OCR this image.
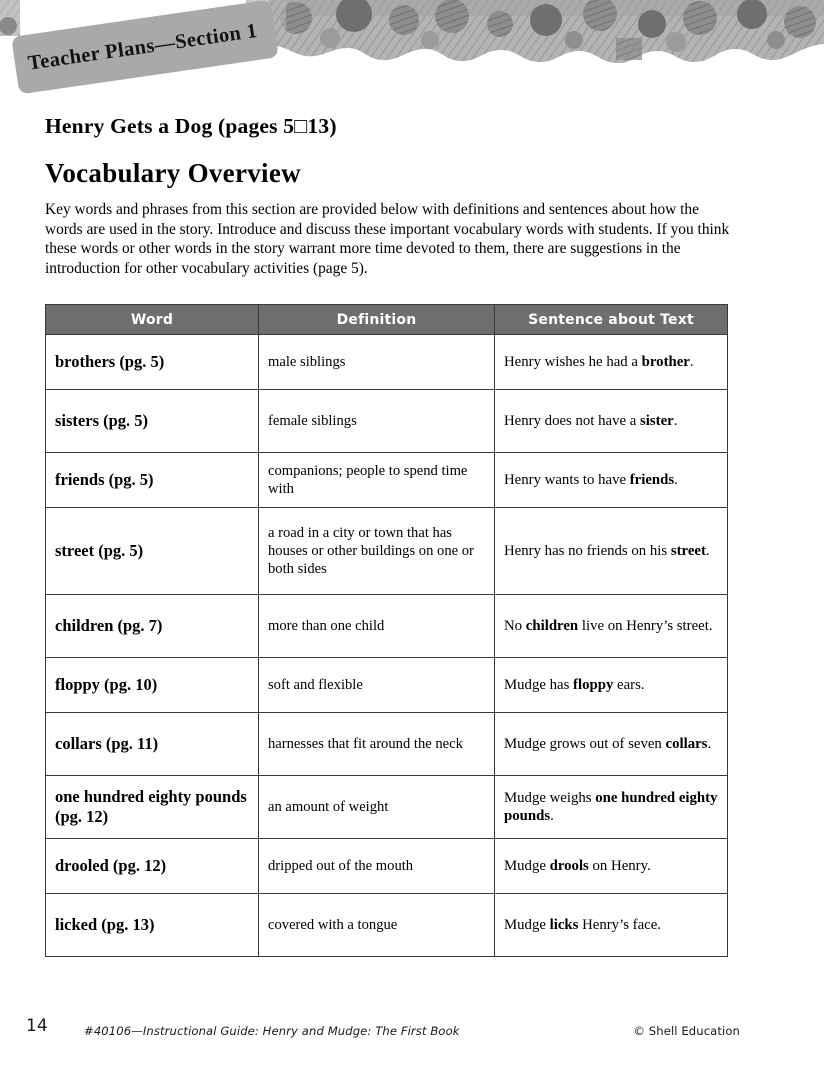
Teacher Plans—Section 1
Henry Gets a Dog (pages 5□13)
Vocabulary Overview
Key words and phrases from this section are provided below with definitions and sentences about how the words are used in the story. Introduce and discuss these important vocabulary words with students. If you think these words or other words in the story warrant more time devoted to them, there are suggestions in the introduction for other vocabulary activities (page 5).
Word	Definition	Sentence about Text
brothers (pg. 5)	male siblings	Henry wishes he had a brother.
sisters (pg. 5)	female siblings	Henry does not have a sister.
friends (pg. 5)	companions; people to spend time with	Henry wants to have friends.
street (pg. 5)	a road in a city or town that has houses or other buildings on one or both sides	Henry has no friends on his street.
children (pg. 7)	more than one child	No children live on Henry’s street.
floppy (pg. 10)	soft and flexible	Mudge has floppy ears.
collars (pg. 11)	harnesses that fit around the neck	Mudge grows out of seven collars.
one hundred eighty pounds (pg. 12)	an amount of weight	Mudge weighs one hundred eighty pounds.
drooled (pg. 12)	dripped out of the mouth	Mudge drools on Henry.
licked (pg. 13)	covered with a tongue	Mudge licks Henry’s face.
14	#40106—Instructional Guide: Henry and Mudge: The First Book	© Shell Education
